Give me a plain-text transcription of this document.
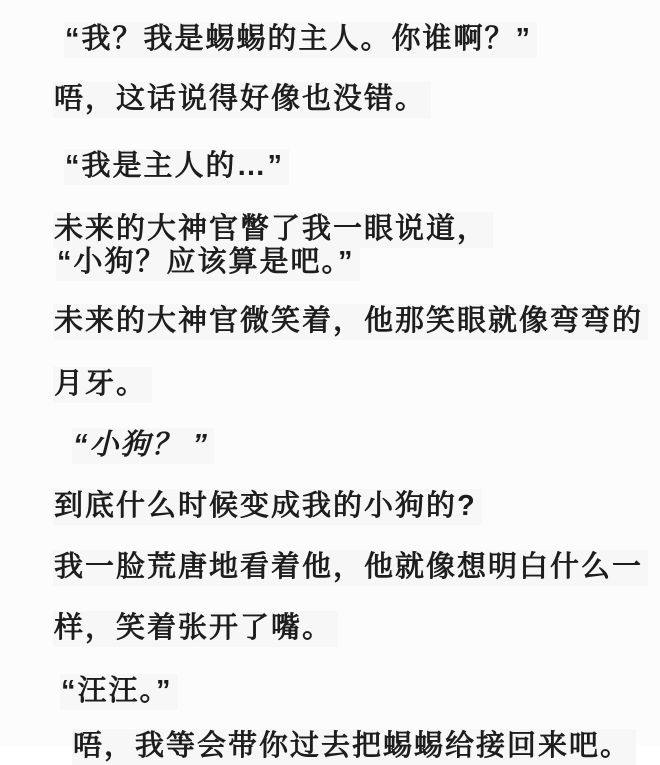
“我？我是蜴蜴的主人。你谁啊？”
唔，这话说得好像也没错。
“我是主人的…”
未来的大神官瞥了我一眼说道，
“小狗？应该算是吧。”
未来的大神官微笑着，他那笑眼就像弯弯的
月牙。
“小狗？ ”
到底什么时候变成我的小狗的?
我一脸荒唐地看着他，他就像想明白什么一
样，笑着张开了嘴。
“汪汪。”
唔，我等会带你过去把蜴蜴给接回来吧。
